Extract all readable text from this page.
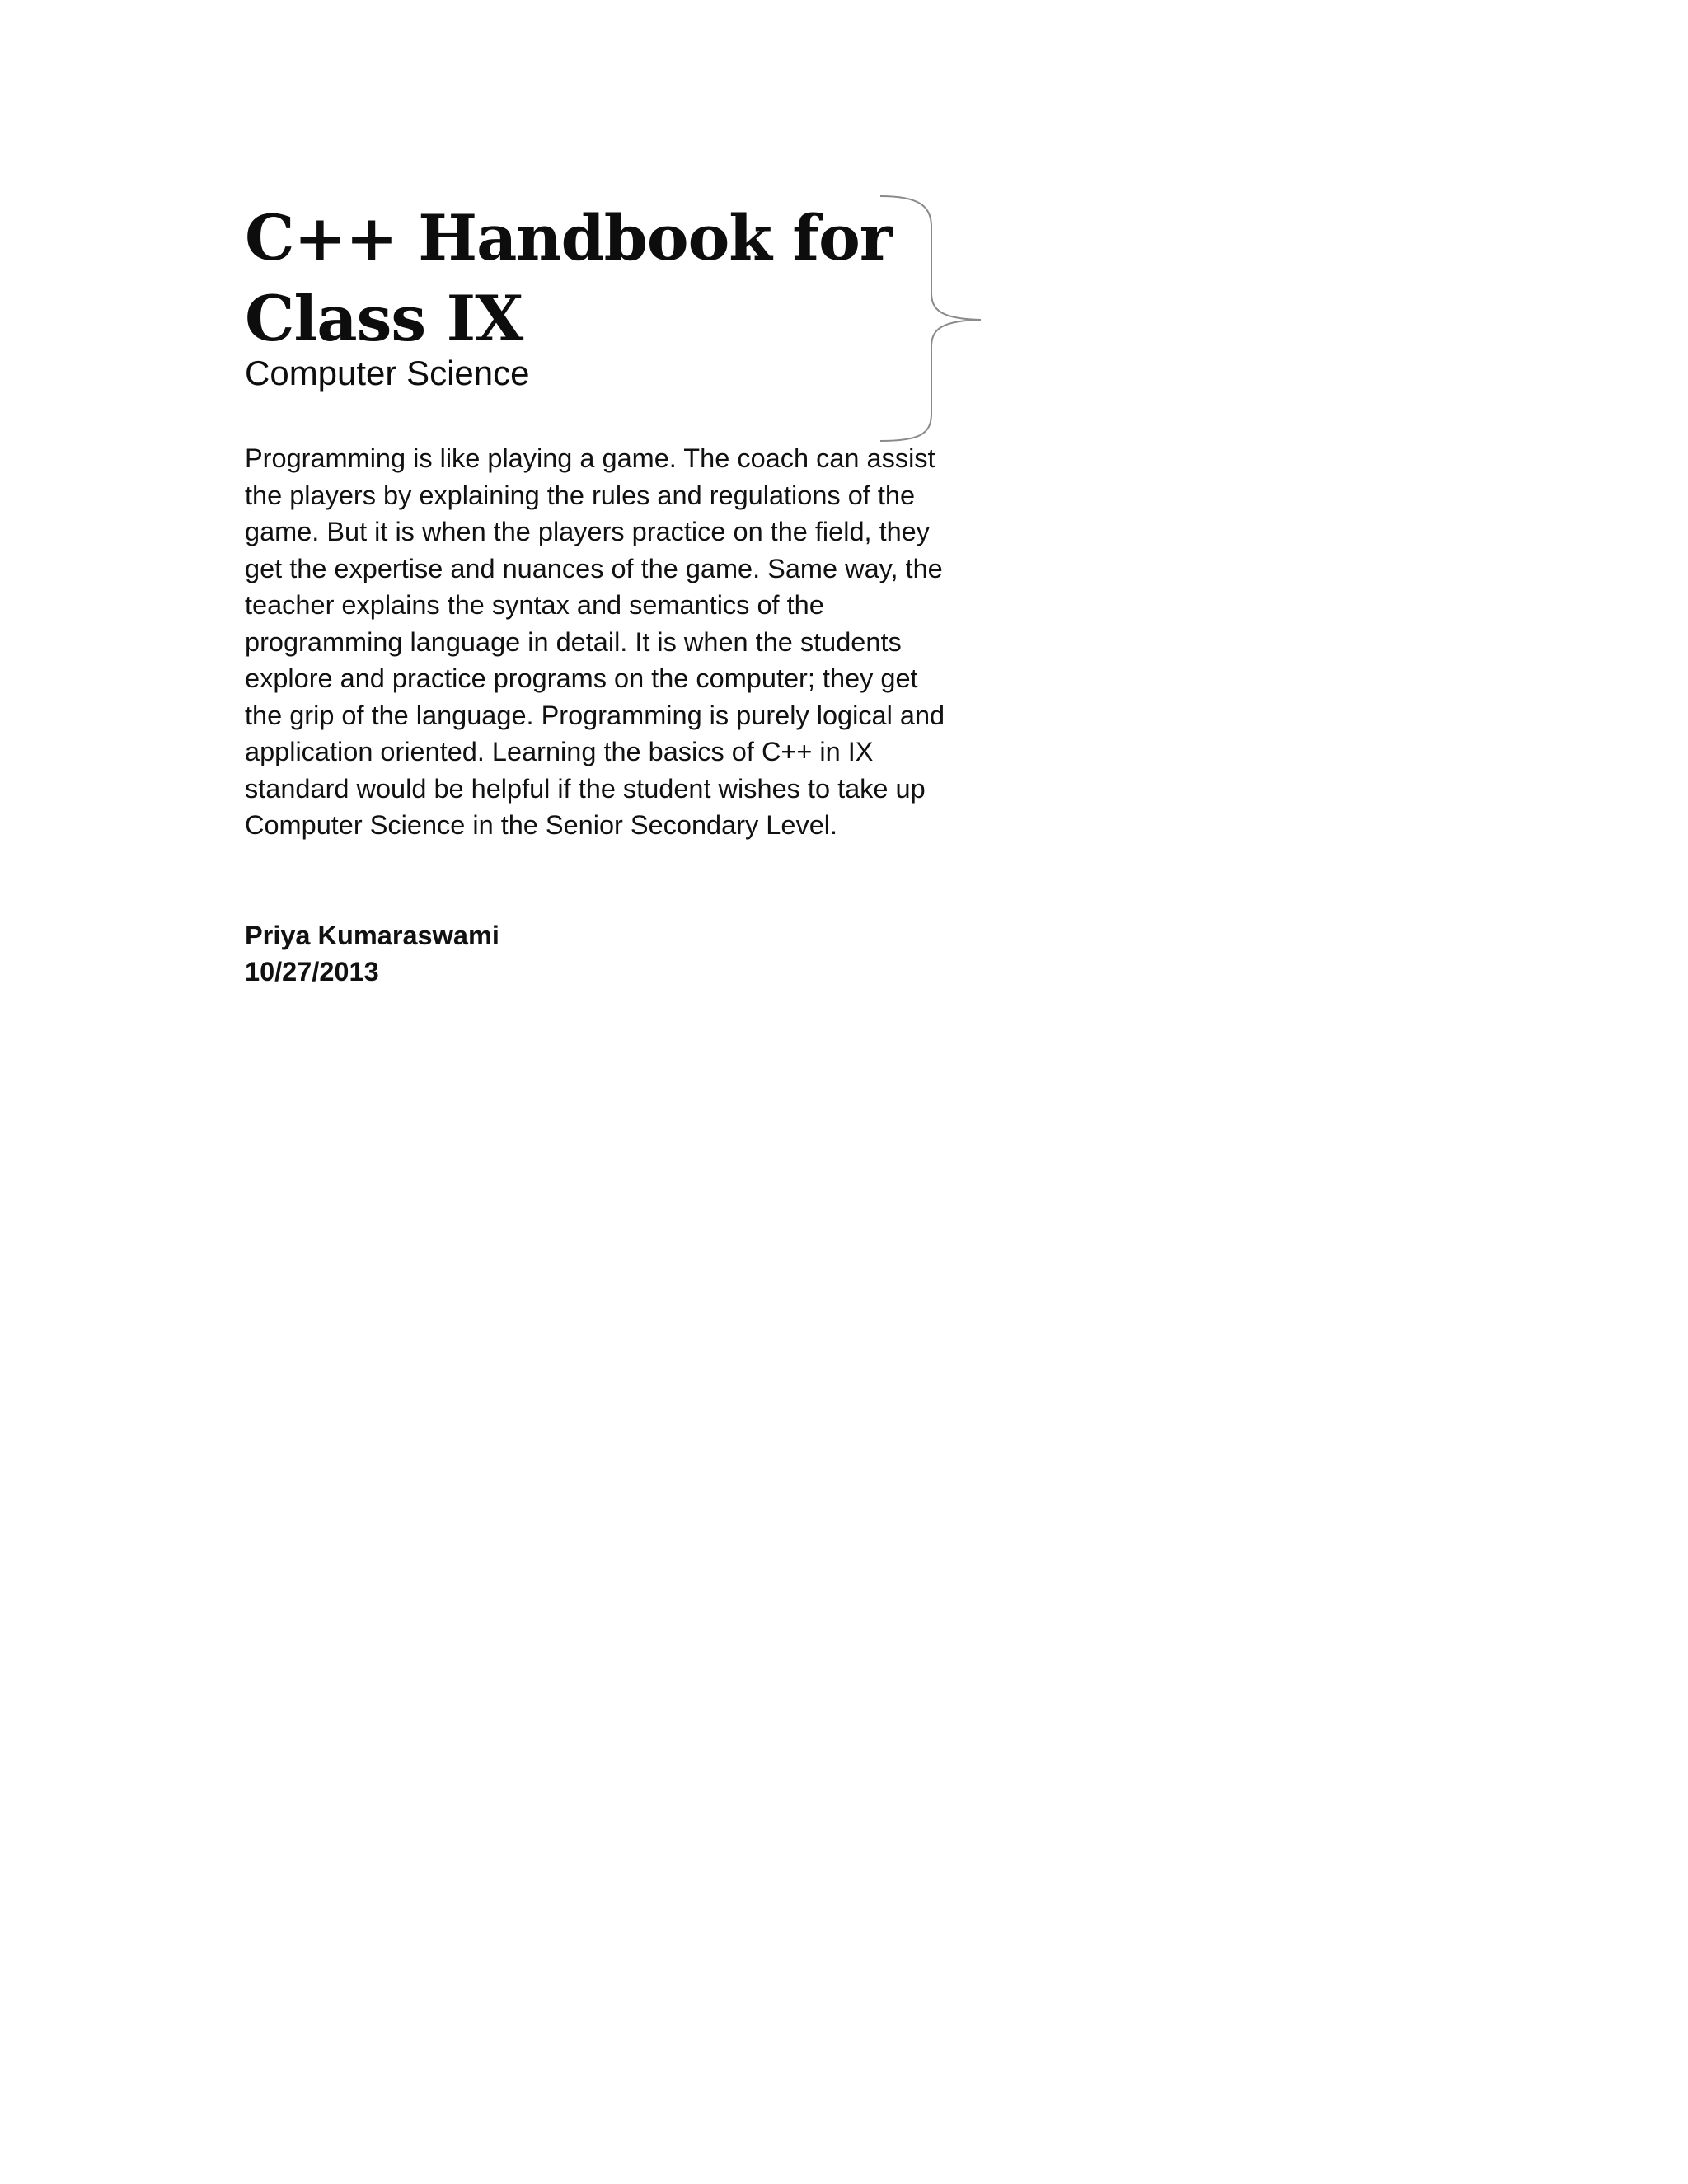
C++ Handbook for
Class IX
Computer Science

Programming is like playing a game. The coach can assist the players by explaining the rules and regulations of the game. But it is when the players practice on the field, they get the expertise and nuances of the game. Same way, the teacher explains the syntax and semantics of the programming language in detail. It is when the students explore and practice programs on the computer; they get the grip of the language. Programming is purely logical and application oriented. Learning the basics of C++ in IX standard would be helpful if the student wishes to take up Computer Science in the Senior Secondary Level.

Priya Kumaraswami
10/27/2013
